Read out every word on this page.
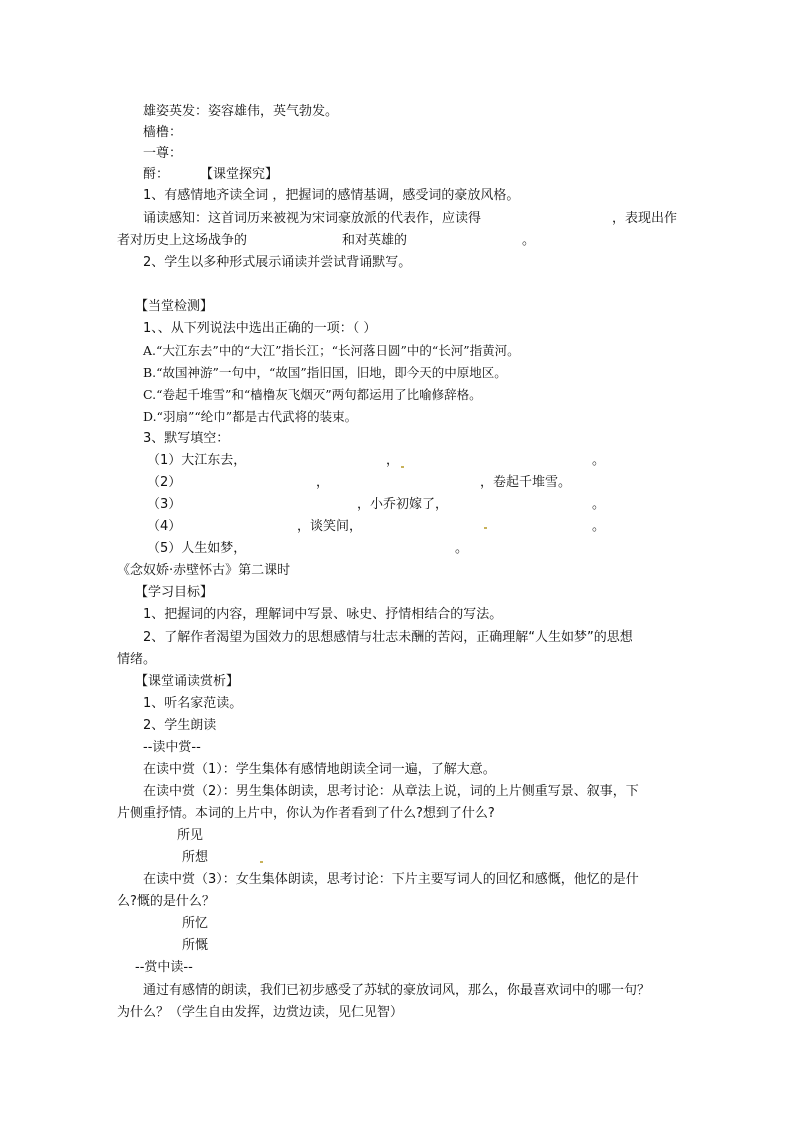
雄姿英发：姿容雄伟，英气勃发。
樯橹：
一尊：
酹： 【课堂探究】
1、有感情地齐读全词 ，把握词的感情基调，感受词的豪放风格。
诵读感知：这首词历来被视为宋词豪放派的代表作，应读得	，表现出作
者对历史上这场战争的	和对英雄的	。
2、学生以多种形式展示诵读并尝试背诵默写。
【当堂检测】
1、、从下列说法中选出正确的一项：（ ）
A.“大江东去”中的“大江”指长江；“长河落日圆”中的“长河”指黄河。
B.“故国神游”一句中，“故国”指旧国，旧地，即今天的中原地区。
C.“卷起千堆雪”和“樯橹灰飞烟灭”两句都运用了比喻修辞格。
D.“羽扇”“纶巾”都是古代武将的装束。
3、默写填空：
（1）大江东去，	，	。
（2）	，	，卷起千堆雪。
（3）	，小乔初嫁了，	。
（4）	，谈笑间，	。
（5）人生如梦，	。
《念奴娇·赤壁怀古》第二课时
【学习目标】
1、把握词的内容，理解词中写景、咏史、抒情相结合的写法。
2、了解作者渴望为国效力的思想感情与壮志未酬的苦闷，正确理解“人生如梦”的思想
情绪。
【课堂诵读赏析】
1、听名家范读。
2、学生朗读
--读中赏--
在读中赏（1）：学生集体有感情地朗读全词一遍，了解大意。
在读中赏（2）：男生集体朗读，思考讨论：从章法上说，词的上片侧重写景、叙事，下
片侧重抒情。本词的上片中，你认为作者看到了什么?想到了什么?
所见
所想
在读中赏（3）：女生集体朗读，思考讨论：下片主要写词人的回忆和感慨，他忆的是什
么?慨的是什么？
所忆
所慨
--赏中读--
通过有感情的朗读，我们已初步感受了苏轼的豪放词风，那么，你最喜欢词中的哪一句？
为什么？（学生自由发挥，边赏边读，见仁见智）
